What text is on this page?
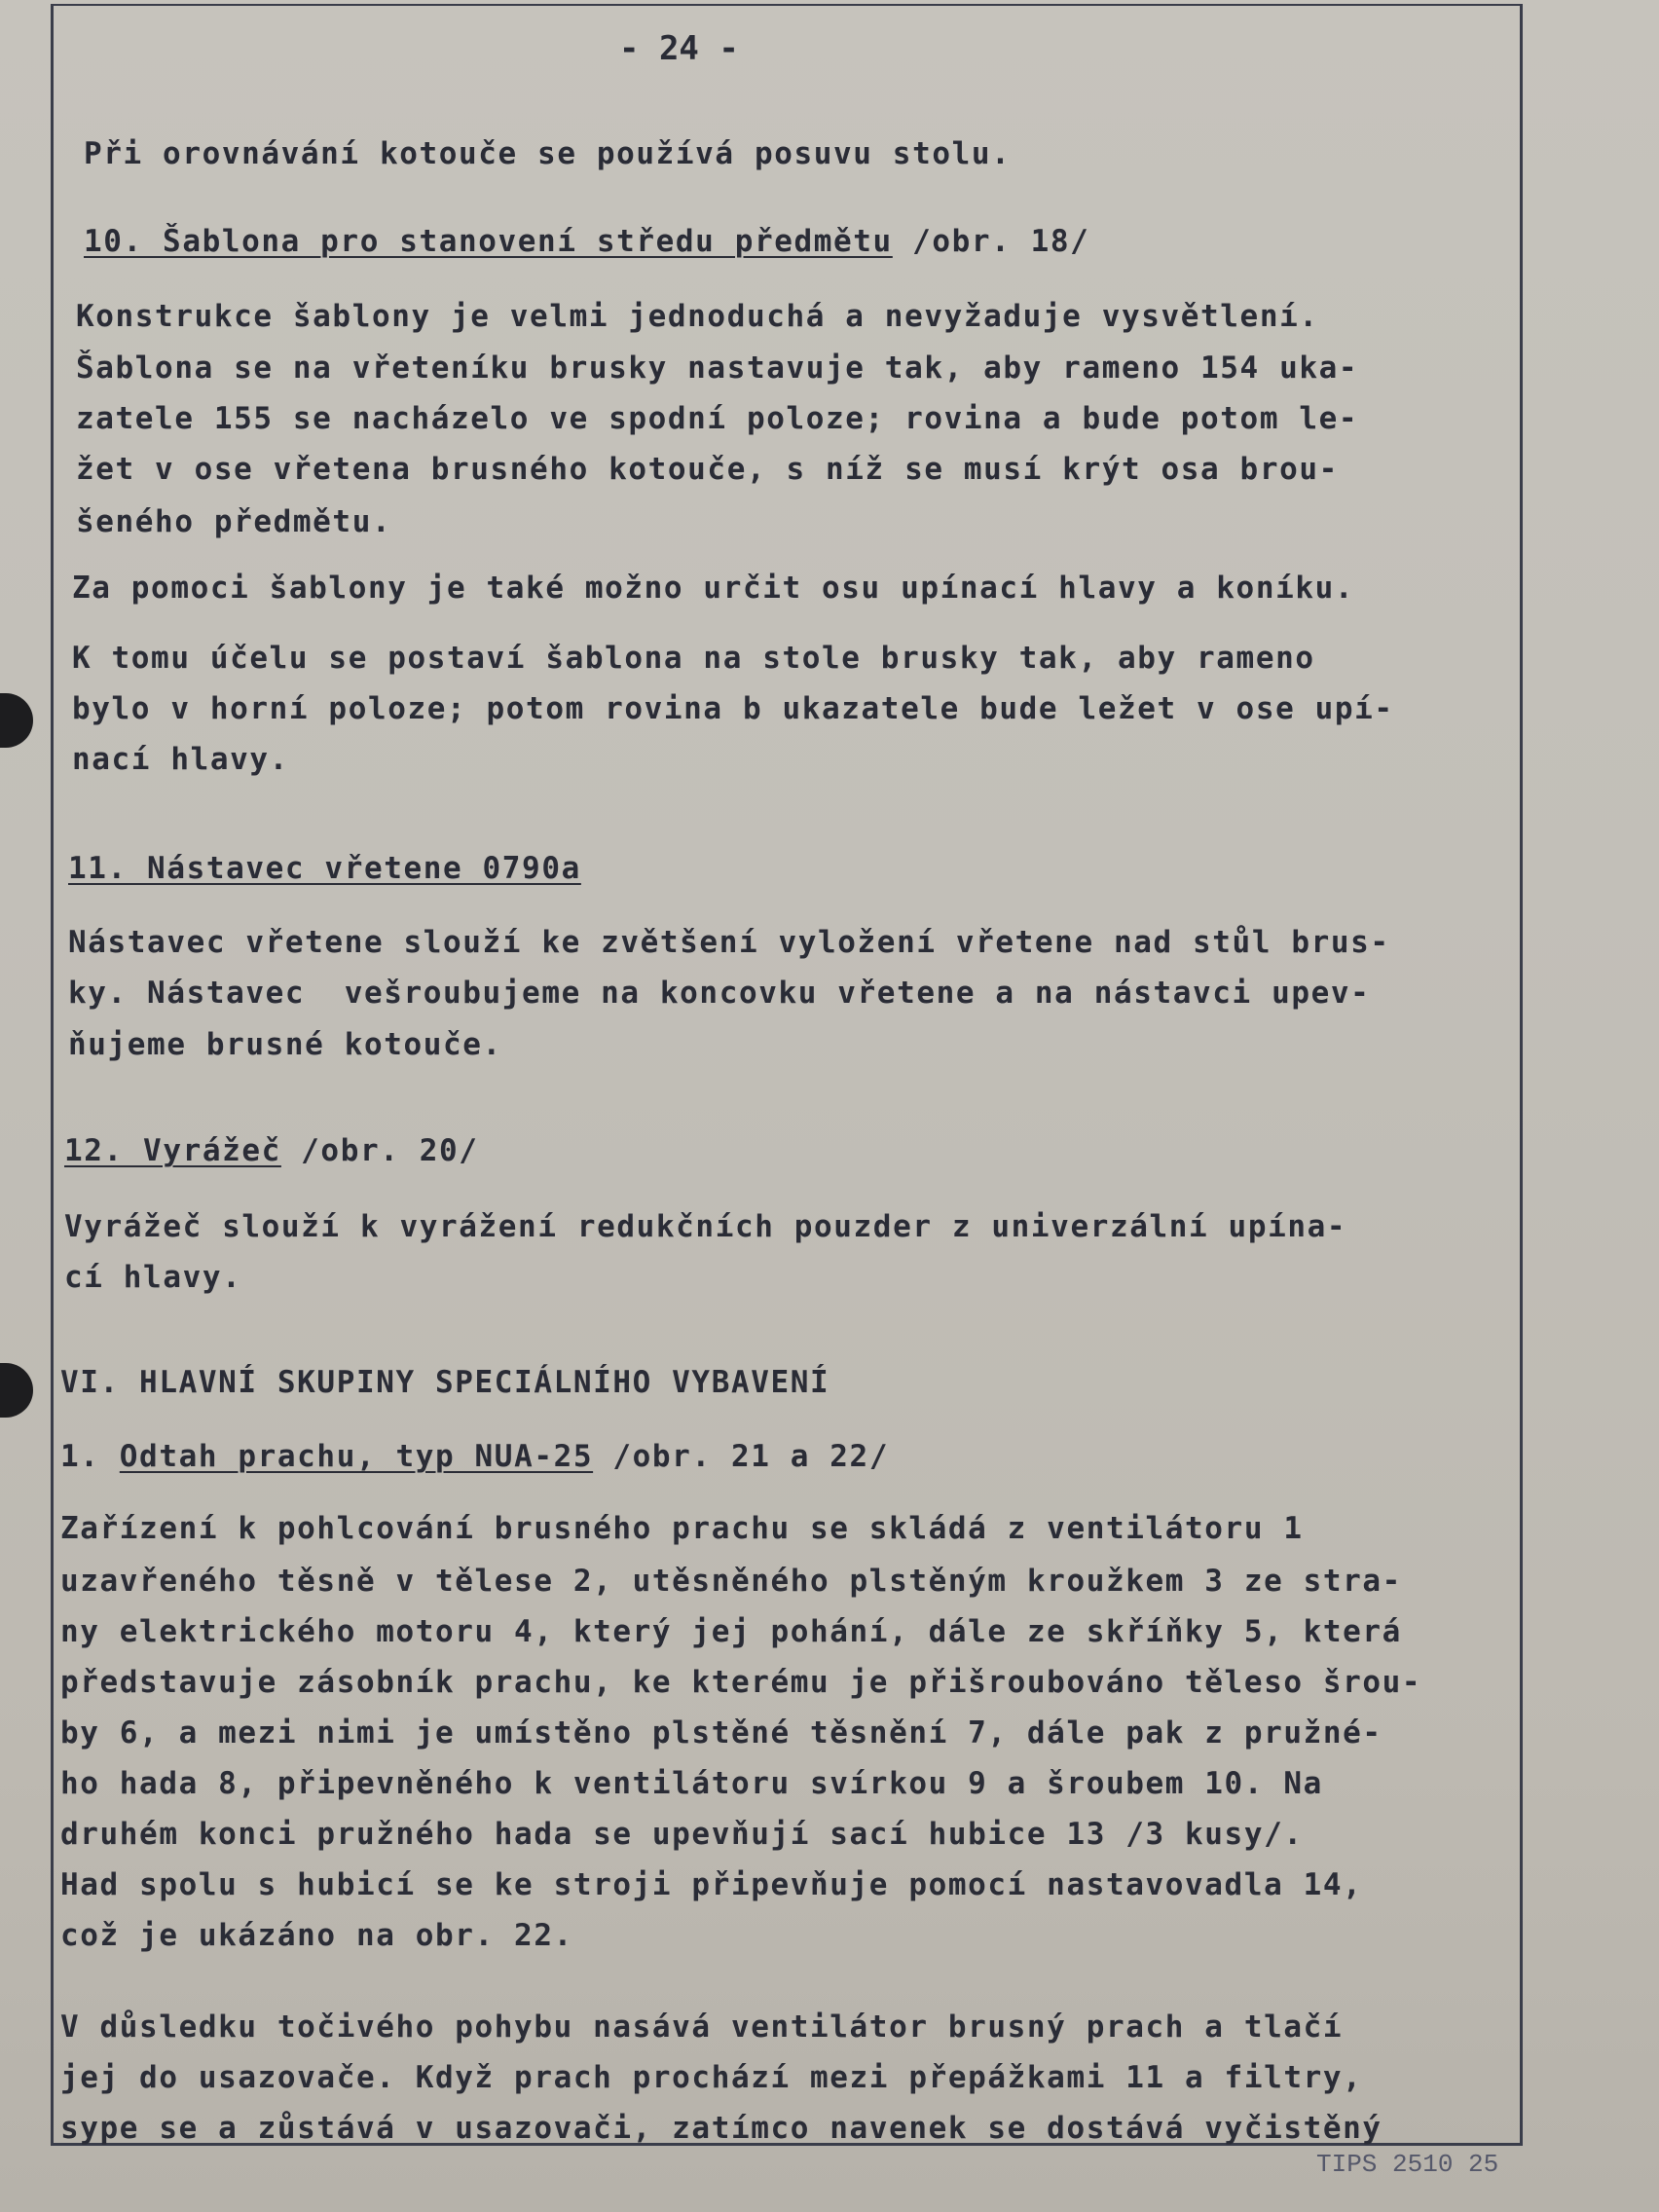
- 24 -
Při orovnávání kotouče se používá posuvu stolu.
10. Šablona pro stanovení středu předmětu /obr. 18/
Konstrukce šablony je velmi jednoduchá a nevyžaduje vysvětlení.
Šablona se na vřeteníku brusky nastavuje tak, aby rameno 154 uka-
zatele 155 se nacházelo ve spodní poloze; rovina a bude potom le-
žet v ose vřetena brusného kotouče, s níž se musí krýt osa brou-
šeného předmětu.
Za pomoci šablony je také možno určit osu upínací hlavy a koníku.
K tomu účelu se postaví šablona na stole brusky tak, aby rameno
bylo v horní poloze; potom rovina b ukazatele bude ležet v ose upí-
nací hlavy.
11. Nástavec vřetene 0790a
Nástavec vřetene slouží ke zvětšení vyložení vřetene nad stůl brus-
ky. Nástavec  vešroubujeme na koncovku vřetene a na nástavci upev-
ňujeme brusné kotouče.
12. Vyrážeč /obr. 20/
Vyrážeč slouží k vyrážení redukčních pouzder z univerzální upína-
cí hlavy.
VI. HLAVNÍ SKUPINY SPECIÁLNÍHO VYBAVENÍ
1. Odtah prachu, typ NUA-25 /obr. 21 a 22/
Zařízení k pohlcování brusného prachu se skládá z ventilátoru 1
uzavřeného těsně v tělese 2, utěsněného plstěným kroužkem 3 ze stra-
ny elektrického motoru 4, který jej pohání, dále ze skříňky 5, která
představuje zásobník prachu, ke kterému je přišroubováno těleso šrou-
by 6, a mezi nimi je umístěno plstěné těsnění 7, dále pak z pružné-
ho hada 8, připevněného k ventilátoru svírkou 9 a šroubem 10. Na
druhém konci pružného hada se upevňují sací hubice 13 /3 kusy/.
Had spolu s hubicí se ke stroji připevňuje pomocí nastavovadla 14,
což je ukázáno na obr. 22.
V důsledku točivého pohybu nasává ventilátor brusný prach a tlačí
jej do usazovače. Když prach prochází mezi přepážkami 11 a filtry,
sype se a zůstává v usazovači, zatímco navenek se dostává vyčistěný
TIPS 2510 25
